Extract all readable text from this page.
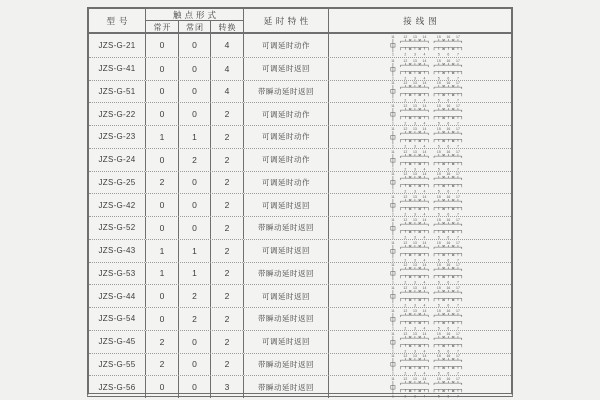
型号
触点形式
常开	常闭	转换
延时特性	接线图
JZS-G-21	0	0	4	可调延时动作
11 12 13 14	15 16 17
1	2 3 4	5 6 7
JZS-G-41	0	0	4	可调延时返回
11 12 13 14	15 16 17
1	2 3 4	5 6 7
JZS-G-51	0	0	4	带瞬动延时返回
11 12 13 14	15 16 17
1	2 3 4	5 6 7
JZS-G-22	0	0	2	可调延时动作
11 12 13 14	15 16 17
1	2 3 4	5 6 7
JZS-G-23	1	1	2	可调延时动作
11 12 13 14	15 16 17
1	2 3 4	5 6 7
JZS-G-24	0	2	2	可调延时动作
11 12 13 14	15 16 17
1	2 3 4	5 6 7
JZS-G-25	2	0	2	可调延时动作
11 12 13 14	15 16 17
1	2 3 4	5 6 7
JZS-G-42	0	0	2	可调延时返回
11 12 13 14	15 16 17
1	2 3 4	5 6 7
JZS-G-52	0	0	2	带瞬动延时返回
11 12 13 14	15 16 17
1	2 3 4	5 6 7
JZS-G-43	1	1	2	可调延时返回
11 12 13 14	15 16 17
1	2 3 4	5 6 7
JZS-G-53	1	1	2	带瞬动延时返回
11 12 13 14	15 16 17
1	2 3 4	5 6 7
JZS-G-44	0	2	2	可调延时返回
11 12 13 14	15 16 17
1	2 3 4	5 6 7
JZS-G-54	0	2	2	带瞬动延时返回
11 12 13 14	15 16 17
1	2 3 4	5 6 7
JZS-G-45	2	0	2	可调延时返回
11 12 13 14	15 16 17
1	2 3 4	5 6 7
JZS-G-55	2	0	2	带瞬动延时返回
11 12 13 14	15 16 17
1	2 3 4	5 6 7
JZS-G-56	0	0	3	带瞬动延时返回
11 12 13 14	15 16 17
1	2 3 4	5 6 7
